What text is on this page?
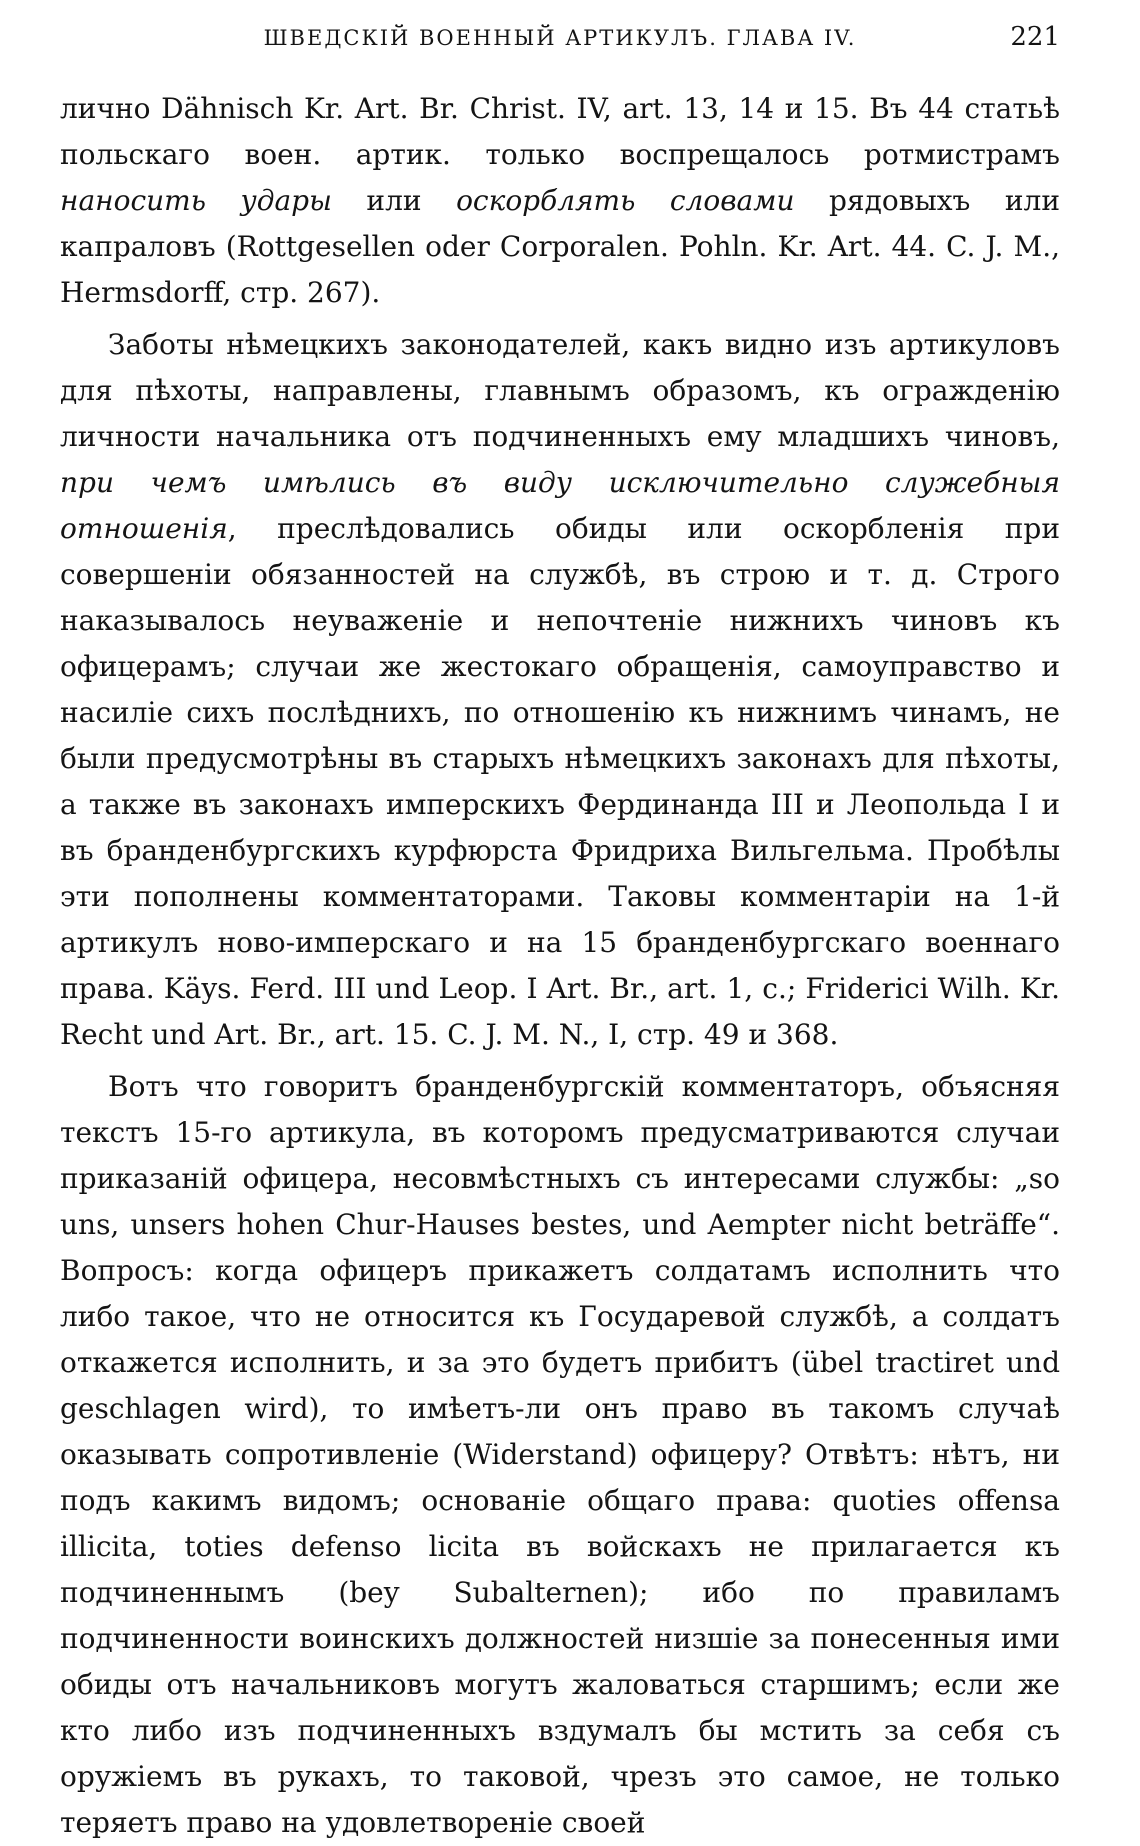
ШВЕДСКІЙ ВОЕННЫЙ АРТИКУЛЪ. ГЛАВА IV.	221

лично Dähnisch Kr. Art. Br. Christ. IV, art. 13, 14 и 15. Въ 44 статьѣ польскаго воен. артик. только воспрещалось ротмистрамъ наносить удары или оскорблять словами рядовыхъ или капраловъ (Rottgesellen oder Corporalen. Pohln. Kr. Art. 44. C. J. M., Hermsdorff, стр. 267).

Заботы нѣмецкихъ законодателей, какъ видно изъ артикуловъ для пѣхоты, направлены, главнымъ образомъ, къ огражденію личности начальника отъ подчиненныхъ ему младшихъ чиновъ, при чемъ имѣлись въ виду исключительно служебныя отношенія, преслѣдовались обиды или оскорбленія при совершеніи обязанностей на службѣ, въ строю и т. д. Строго наказывалось неуваженіе и непочтеніе нижнихъ чиновъ къ офицерамъ; случаи же жестокаго обращенія, самоуправство и насиліе сихъ послѣднихъ, по отношенію къ нижнимъ чинамъ, не были предусмотрѣны въ старыхъ нѣмецкихъ законахъ для пѣхоты, а также въ законахъ имперскихъ Фердинанда III и Леопольда I и въ бранденбургскихъ курфюрста Фридриха Вильгельма. Пробѣлы эти пополнены комментаторами. Таковы комментаріи на 1-й артикулъ ново-имперскаго и на 15 бранденбургскаго военнаго права. Käys. Ferd. III und Leop. I Art. Br., art. 1, c.; Friderici Wilh. Kr. Recht und Art. Br., art. 15. C. J. M. N., I, стр. 49 и 368.

Вотъ что говоритъ бранденбургскій комментаторъ, объясняя текстъ 15-го артикула, въ которомъ предусматриваются случаи приказаній офицера, несовмѣстныхъ съ интересами службы: „so uns, unsers hohen Chur-Hauses bestes, und Aempter nicht beträffe“. Вопросъ: когда офицеръ прикажетъ солдатамъ исполнить что либо такое, что не относится къ Государевой службѣ, а солдатъ откажется исполнить, и за это будетъ прибитъ (übel tractiret und geschlagen wird), то имѣетъ-ли онъ право въ такомъ случаѣ оказывать сопротивленіе (Widerstand) офицеру? Отвѣтъ: нѣтъ, ни подъ какимъ видомъ; основаніе общаго права: quoties offensa illicita, toties defenso licita въ войскахъ не прилагается къ подчиненнымъ (bey Subalternen); ибо по правиламъ подчиненности воинскихъ должностей низшіе за понесенныя ими обиды отъ начальниковъ могутъ жаловаться старшимъ; если же кто либо изъ подчиненныхъ вздумалъ бы мстить за себя съ оружіемъ въ рукахъ, то таковой, чрезъ это самое, не только теряетъ право на удовлетвореніе своей
